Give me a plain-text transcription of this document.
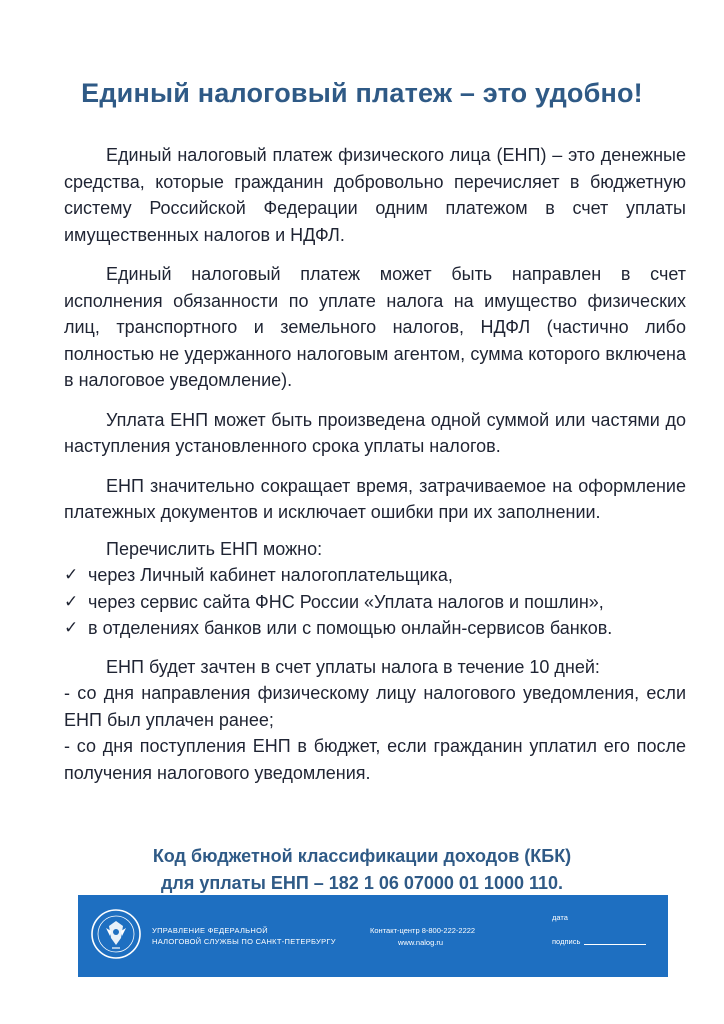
Единый налоговый платеж – это удобно!

Единый налоговый платеж физического лица (ЕНП) – это денежные средства, которые гражданин добровольно перечисляет в бюджетную систему Российской Федерации одним платежом в счет уплаты имущественных налогов и НДФЛ.

Единый налоговый платеж может быть направлен в счет исполнения обязанности по уплате налога на имущество физических лиц, транспортного и земельного налогов, НДФЛ (частично либо полностью не удержанного налоговым агентом, сумма которого включена в налоговое уведомление).

Уплата ЕНП может быть произведена одной суммой или частями до наступления установленного срока уплаты налогов.

ЕНП значительно сокращает время, затрачиваемое на оформление платежных документов и исключает ошибки при их заполнении.

Перечислить ЕНП можно:

✓ через Личный кабинет налогоплательщика,

✓ через сервис сайта ФНС России «Уплата налогов и пошлин»,

✓ в отделениях банков или с помощью онлайн-сервисов банков.

ЕНП будет зачтен в счет уплаты налога в течение 10 дней:

- со дня направления физическому лицу налогового уведомления, если ЕНП был уплачен ранее;

- со дня поступления ЕНП в бюджет, если гражданин уплатил его после получения налогового уведомления.

Код бюджетной классификации доходов (КБК)
для уплаты ЕНП – 182 1 06 07000 01 1000 110.
УПРАВЛЕНИЕ ФЕДЕРАЛЬНОЙ
НАЛОГОВОЙ СЛУЖБЫ ПО САНКТ-ПЕТЕРБУРГУ
Контакт-центр 8-800-222-2222
www.nalog.ru
дата
подпись
